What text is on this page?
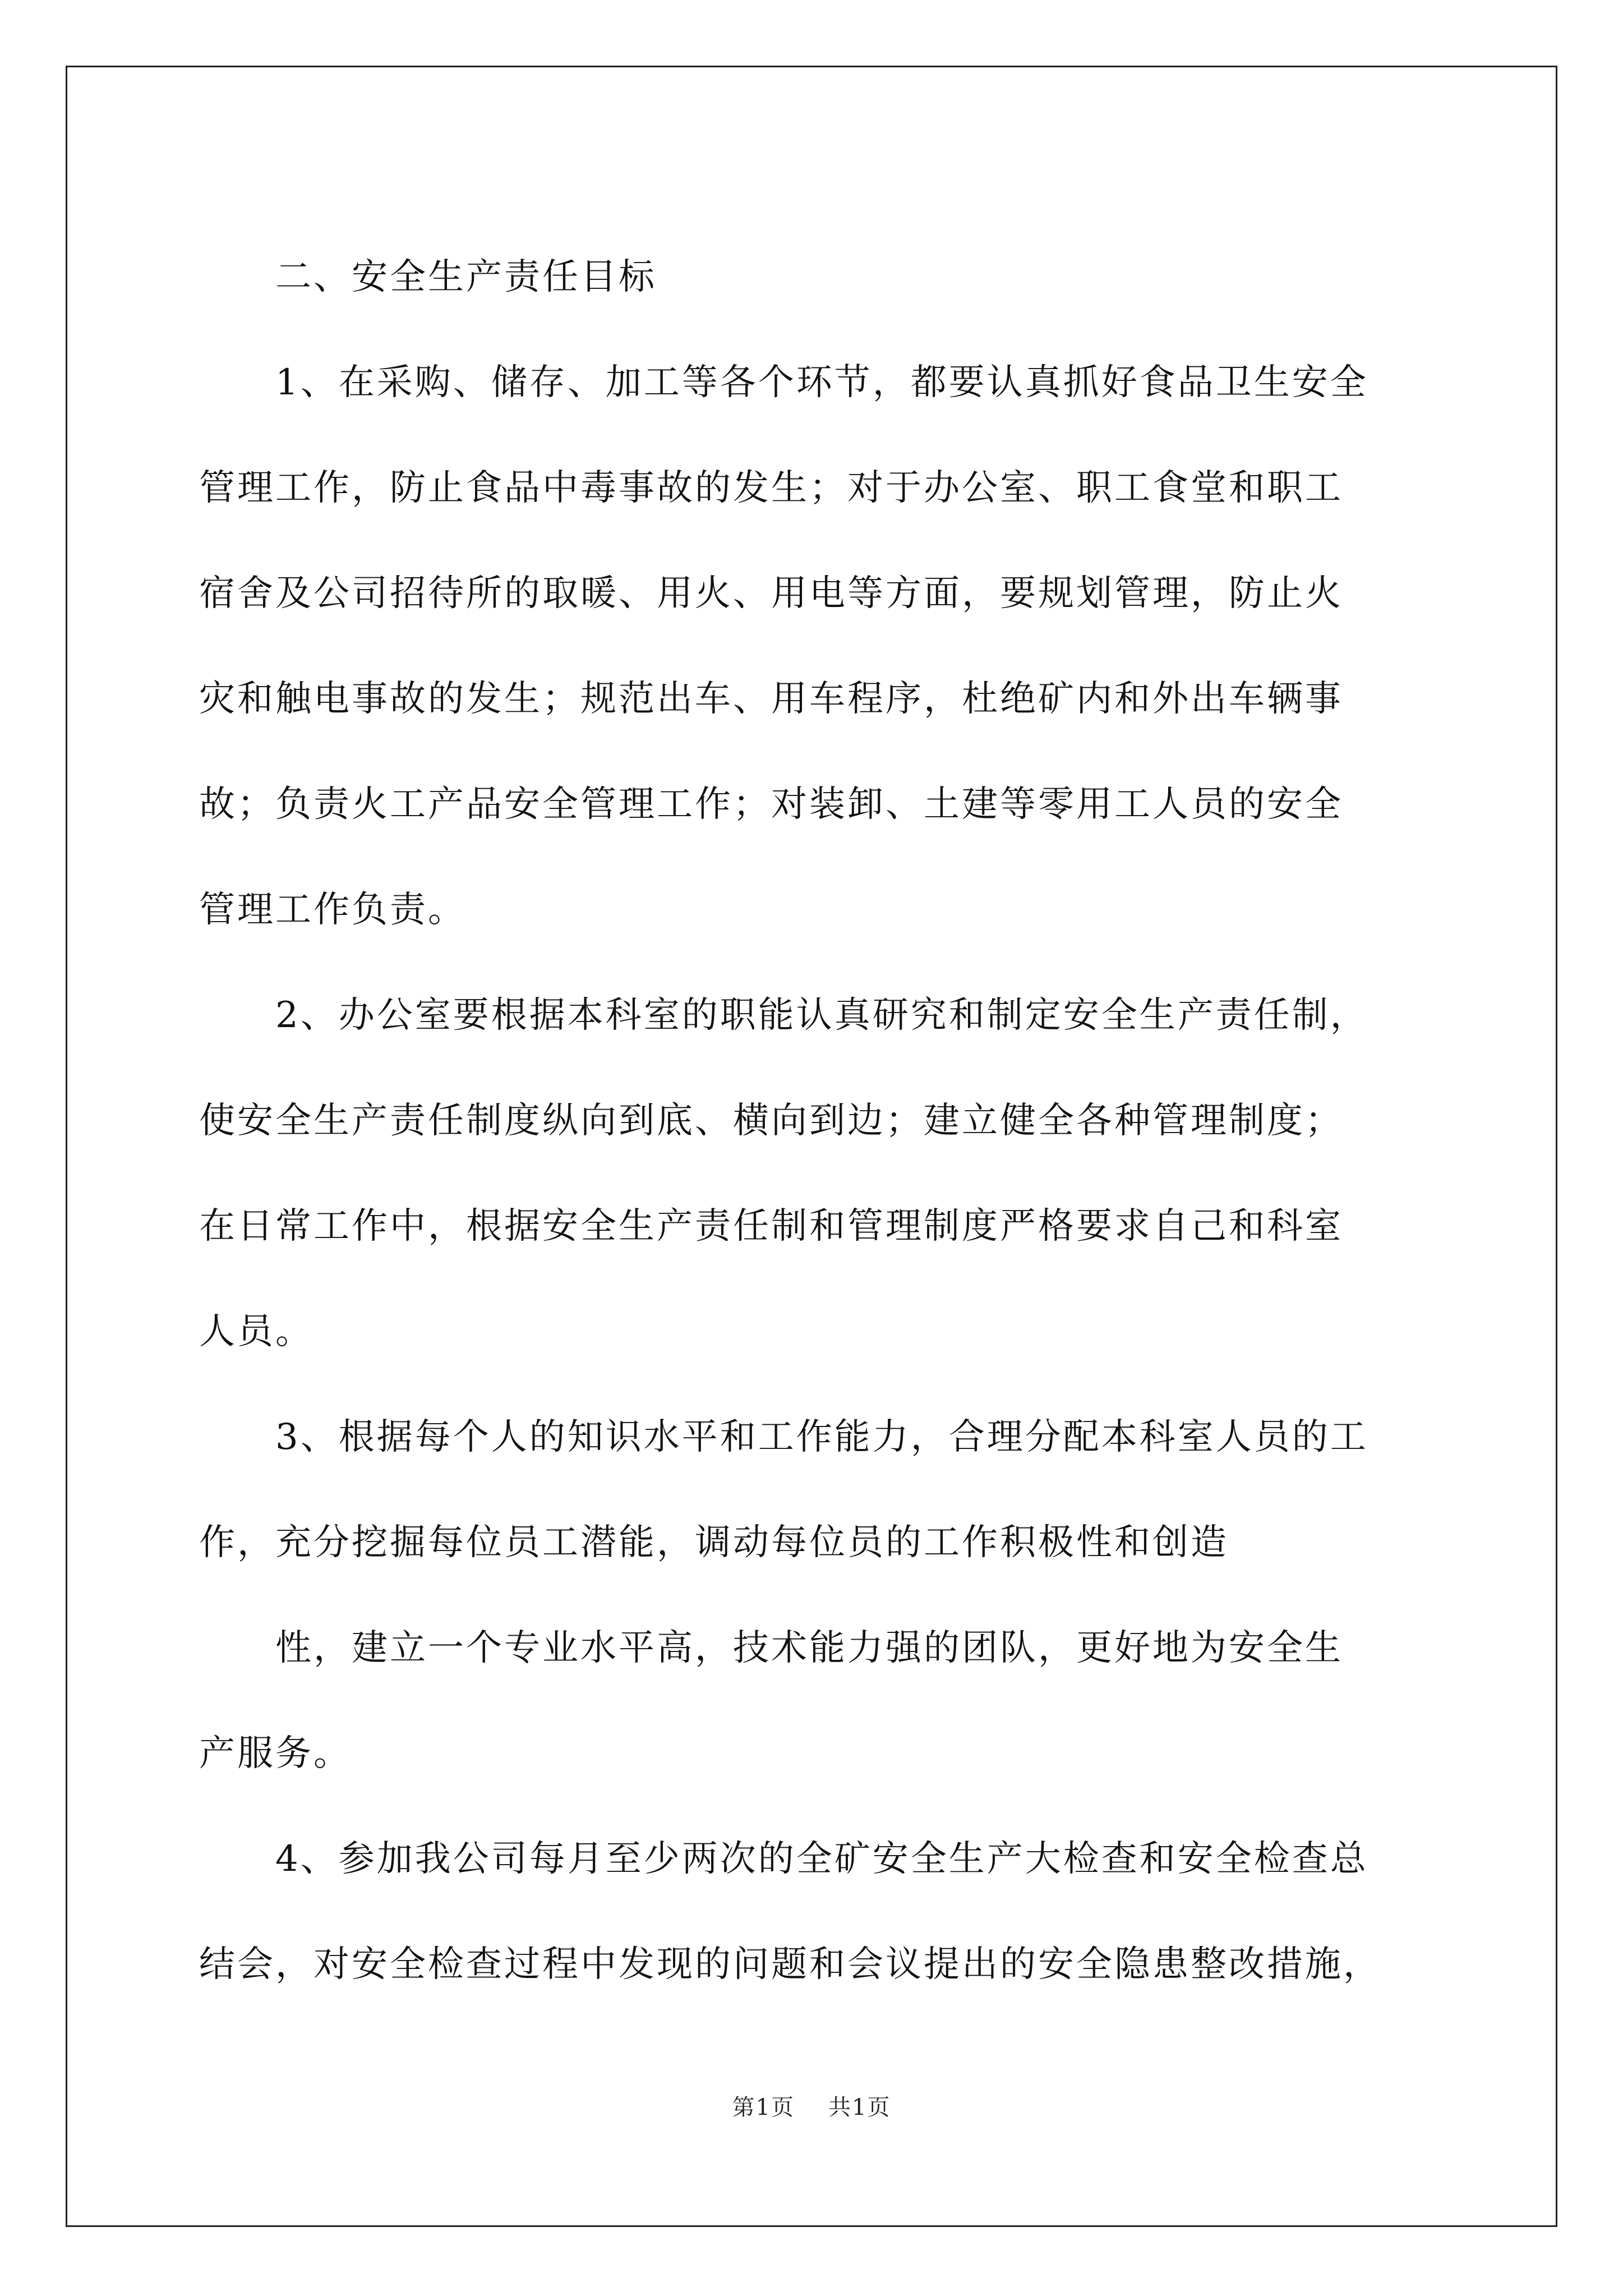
二、安全生产责任目标
1、在采购、储存、加工等各个环节，都要认真抓好食品卫生安全
管理工作，防止食品中毒事故的发生；对于办公室、职工食堂和职工
宿舍及公司招待所的取暖、用火、用电等方面，要规划管理，防止火
灾和触电事故的发生；规范出车、用车程序，杜绝矿内和外出车辆事
故；负责火工产品安全管理工作；对装卸、土建等零用工人员的安全
管理工作负责。
2、办公室要根据本科室的职能认真研究和制定安全生产责任制，
使安全生产责任制度纵向到底、横向到边；建立健全各种管理制度；
在日常工作中，根据安全生产责任制和管理制度严格要求自己和科室
人员。
3、根据每个人的知识水平和工作能力，合理分配本科室人员的工
作，充分挖掘每位员工潜能，调动每位员的工作积极性和创造
性，建立一个专业水平高，技术能力强的团队，更好地为安全生
产服务。
4、参加我公司每月至少两次的全矿安全生产大检查和安全检查总
结会，对安全检查过程中发现的问题和会议提出的安全隐患整改措施，
第1页 共1页
